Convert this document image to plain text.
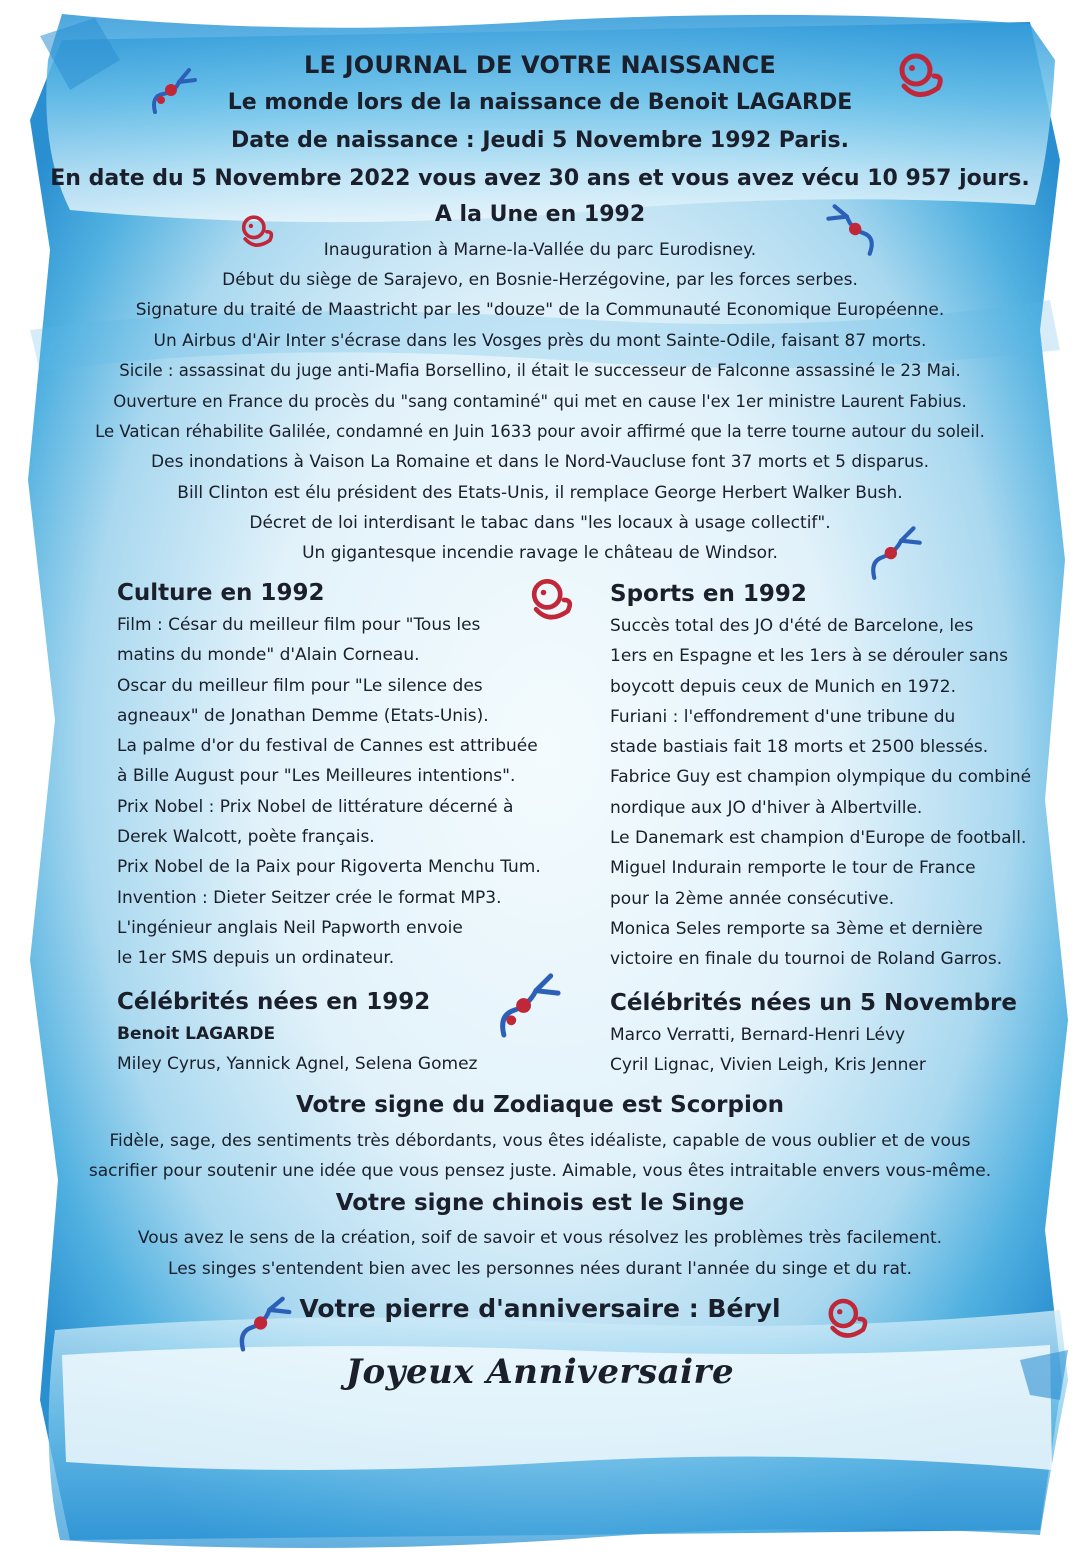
LE JOURNAL DE VOTRE NAISSANCE
Le monde lors de la naissance de Benoit LAGARDE
Date de naissance : Jeudi 5 Novembre 1992 Paris.
En date du 5 Novembre 2022 vous avez 30 ans et vous avez vécu 10 957 jours.
A la Une en 1992
Inauguration à Marne-la-Vallée du parc Eurodisney.
Début du siège de Sarajevo, en Bosnie-Herzégovine, par les forces serbes.
Signature du traité de Maastricht par les "douze" de la Communauté Economique Européenne.
Un Airbus d'Air Inter s'écrase dans les Vosges près du mont Sainte-Odile, faisant 87 morts.
Sicile : assassinat du juge anti-Mafia Borsellino, il était le successeur de Falconne assassiné le 23 Mai.
Ouverture en France du procès du "sang contaminé" qui met en cause l'ex 1er ministre Laurent Fabius.
Le Vatican réhabilite Galilée, condamné en Juin 1633 pour avoir affirmé que la terre tourne autour du soleil.
Des inondations à Vaison La Romaine et dans le Nord-Vaucluse font 37 morts et 5 disparus.
Bill Clinton est élu président des Etats-Unis, il remplace George Herbert Walker Bush.
Décret de loi interdisant le tabac dans "les locaux à usage collectif".
Un gigantesque incendie ravage le château de Windsor.
Culture en 1992
Film : César du meilleur film pour "Tous les
matins du monde" d'Alain Corneau.
Oscar du meilleur film pour "Le silence des
agneaux" de Jonathan Demme (Etats-Unis).
La palme d'or du festival de Cannes est attribuée
à Bille August pour "Les Meilleures intentions".
Prix Nobel : Prix Nobel de littérature décerné à
Derek Walcott, poète français.
Prix Nobel de la Paix pour Rigoverta Menchu Tum.
Invention : Dieter Seitzer crée le format MP3.
L'ingénieur anglais Neil Papworth envoie
le 1er SMS depuis un ordinateur.
Sports en 1992
Succès total des JO d'été de Barcelone, les
1ers en Espagne et les 1ers à se dérouler sans
boycott depuis ceux de Munich en 1972.
Furiani : l'effondrement d'une tribune du
stade bastiais fait 18 morts et 2500 blessés.
Fabrice Guy est champion olympique du combiné
nordique aux JO d'hiver à Albertville.
Le Danemark est champion d'Europe de football.
Miguel Indurain remporte le tour de France
pour la 2ème année consécutive.
Monica Seles remporte sa 3ème et dernière
victoire en finale du tournoi de Roland Garros.
Célébrités nées en 1992
Benoit LAGARDE
Miley Cyrus, Yannick Agnel, Selena Gomez
Célébrités nées un 5 Novembre
Marco Verratti, Bernard-Henri Lévy
Cyril Lignac, Vivien Leigh, Kris Jenner
Votre signe du Zodiaque est Scorpion
Fidèle, sage, des sentiments très débordants, vous êtes idéaliste, capable de vous oublier et de vous
sacrifier pour soutenir une idée que vous pensez juste. Aimable, vous êtes intraitable envers vous-même.
Votre signe chinois est le Singe
Vous avez le sens de la création, soif de savoir et vous résolvez les problèmes très facilement.
Les singes s'entendent bien avec les personnes nées durant l'année du singe et du rat.
Votre pierre d'anniversaire : Béryl
Joyeux Anniversaire
